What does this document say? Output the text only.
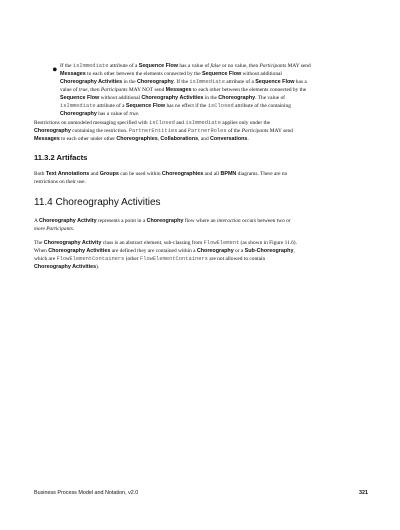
• If the isImmediate attribute of a Sequence Flow has a value of false or no value, then Participants MAY send
Messages to each other between the elements connected by the Sequence Flow without additional
Choreography Activities in the Choreography. If the isImmediate attribute of a Sequence Flow has a
value of true, then Participants MAY NOT send Messages to each other between the elements connected by the
Sequence Flow without additional Choreography Activities in the Choreography. The value of
isImmediate attribute of a Sequence Flow has no effect if the isClosed attribute of the containing
Choreography has a value of true.

Restrictions on unmodeled messaging specified with isClosed and isImmediate applies only under the
Choreography containing the restriction. PartnerEntities and PartnerRoles of the Participants MAY send
Messages to each other under other Choreographies, Collaborations, and Conversations.

11.3.2 Artifacts

Both Text Annotations and Groups can be used within Choreographies and all BPMN diagrams. There are no
restrictions on their use.

11.4 Choreography Activities

A Choreography Activity represents a point in a Choreography flow where an interaction occurs between two or
more Participants.

The Choreography Activity class is an abstract element, sub-classing from FlowElement (as shown in Figure 11.6).
When Choreography Activities are defined they are contained within a Choreography or a Sub-Choreography,
which are FlowElementContainers (other FlowElementContainers are not allowed to contain
Choreography Activities).

Business Process Model and Notation, v2.0	321
